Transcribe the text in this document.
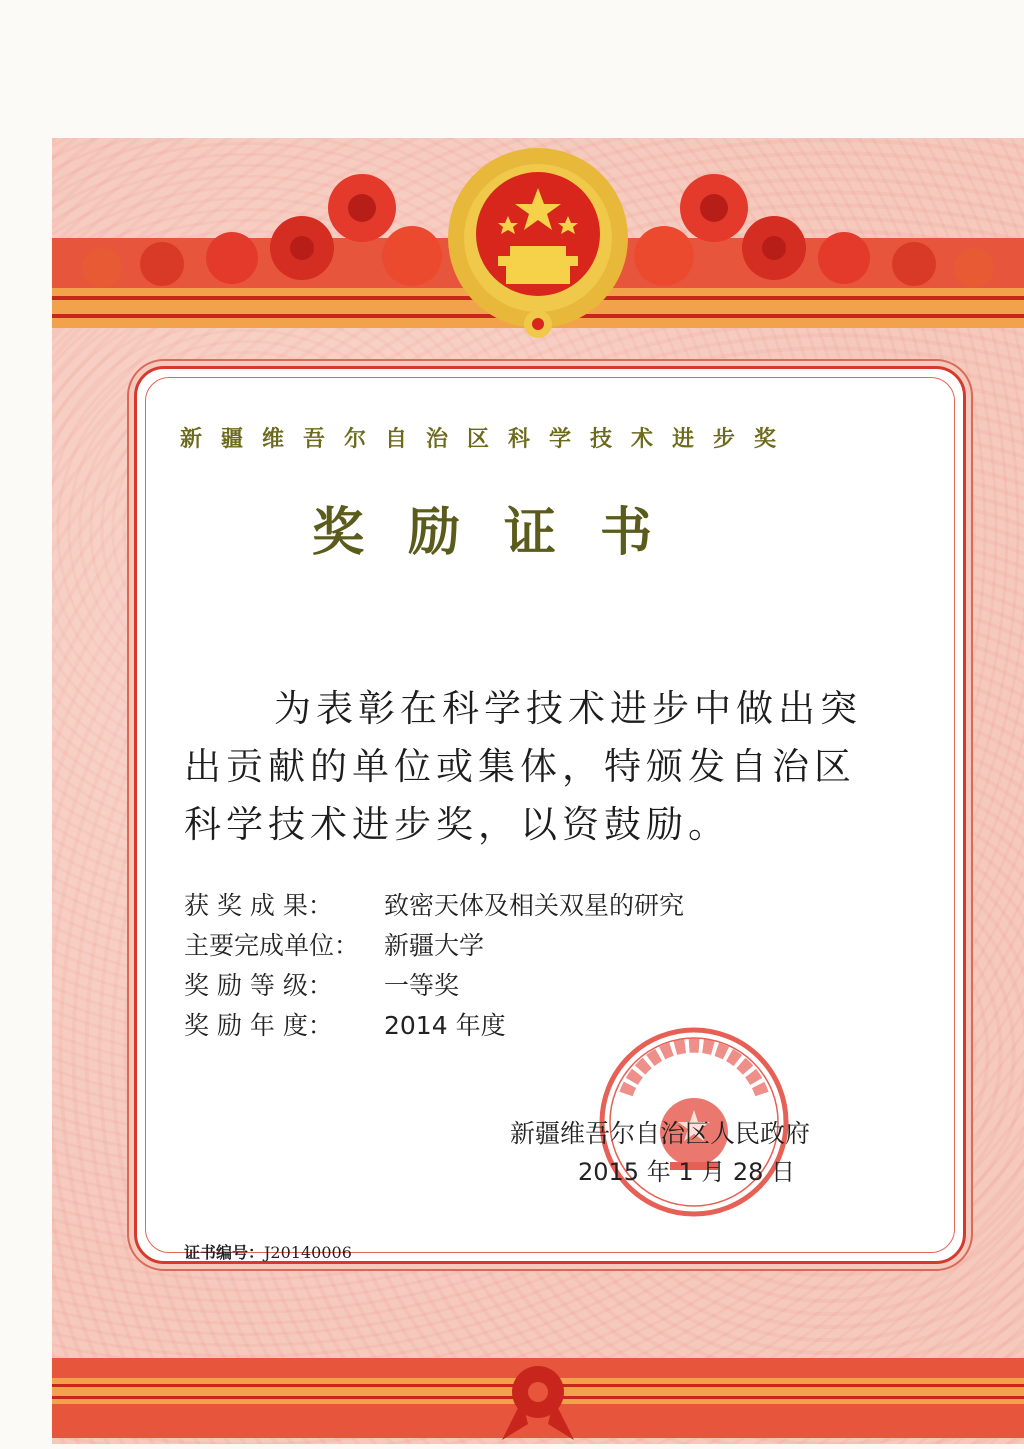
新疆维吾尔自治区科学技术进步奖
奖励证书
为表彰在科学技术进步中做出突出贡献的单位或集体，特颁发自治区科学技术进步奖，以资鼓励。
获 奖 成 果： 致密天体及相关双星的研究
主要完成单位： 新疆大学
奖 励 等 级： 一等奖
奖 励 年 度： 2014 年度
新疆维吾尔自治区人民政府
2015 年 1 月 28 日
证书编号：J20140006
